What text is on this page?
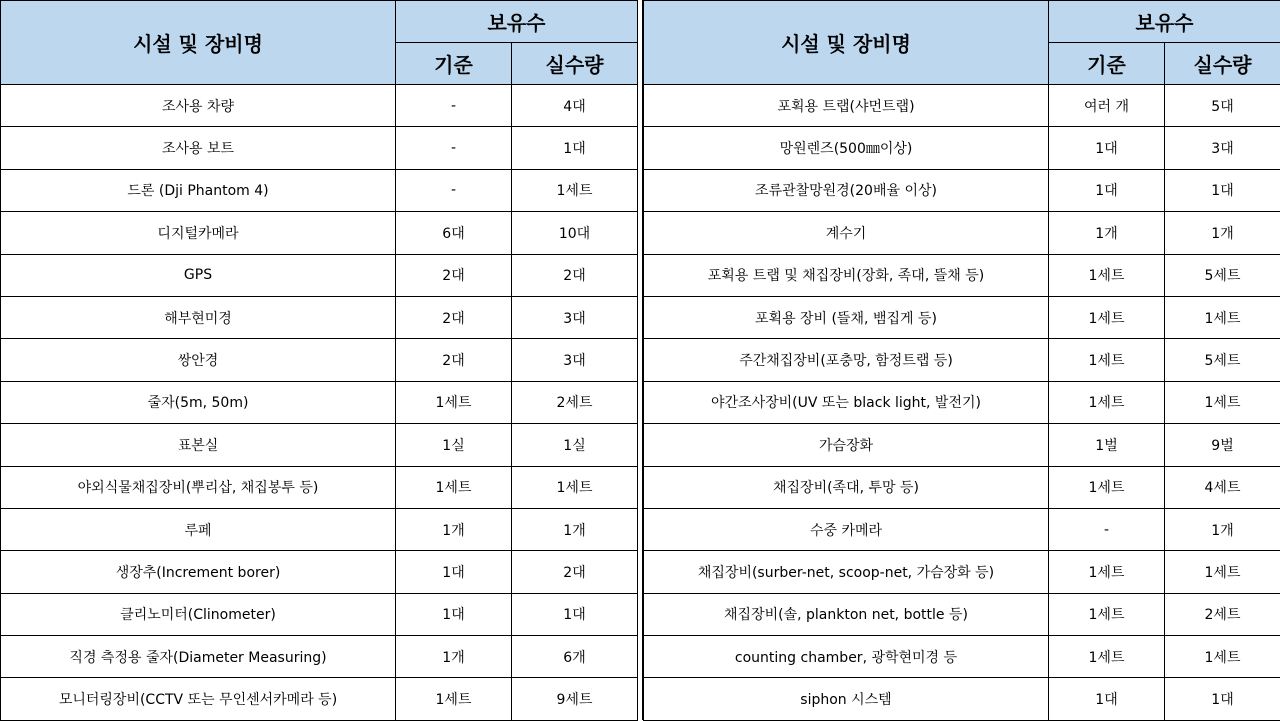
시설 및 장비명	보유수	
	기준	실수량
조사용 차량	-	4대
조사용 보트	-	1대
드론 (Dji Phantom 4)	-	1세트
디지털카메라	6대	10대
GPS	2대	2대
해부현미경	2대	3대
쌍안경	2대	3대
줄자(5m, 50m)	1세트	2세트
표본실	1실	1실
야외식물채집장비(뿌리삽, 채집봉투 등)	1세트	1세트
루페	1개	1개
생장추(Increment borer)	1대	2대
클리노미터(Clinometer)	1대	1대
직경 측정용 줄자(Diameter Measuring)	1개	6개
모니터링장비(CCTV 또는 무인센서카메라 등)	1세트	9세트
시설 및 장비명	보유수	
	기준	실수량
포획용 트랩(샤먼트랩)	여러 개	5대
망원렌즈(500㎜이상)	1대	3대
조류관찰망원경(20배율 이상)	1대	1대
계수기	1개	1개
포획용 트랩 및 채집장비(장화, 족대, 뜰채 등)	1세트	5세트
포획용 장비 (뜰채, 뱀집게 등)	1세트	1세트
주간채집장비(포충망, 함정트랩 등)	1세트	5세트
야간조사장비(UV 또는 black light, 발전기)	1세트	1세트
가슴장화	1벌	9벌
채집장비(족대, 투망 등)	1세트	4세트
수중 카메라	-	1개
채집장비(surber-net, scoop-net, 가슴장화 등)	1세트	1세트
채집장비(솔, plankton net, bottle 등)	1세트	2세트
counting chamber, 광학현미경 등	1세트	1세트
siphon 시스템	1대	1대
